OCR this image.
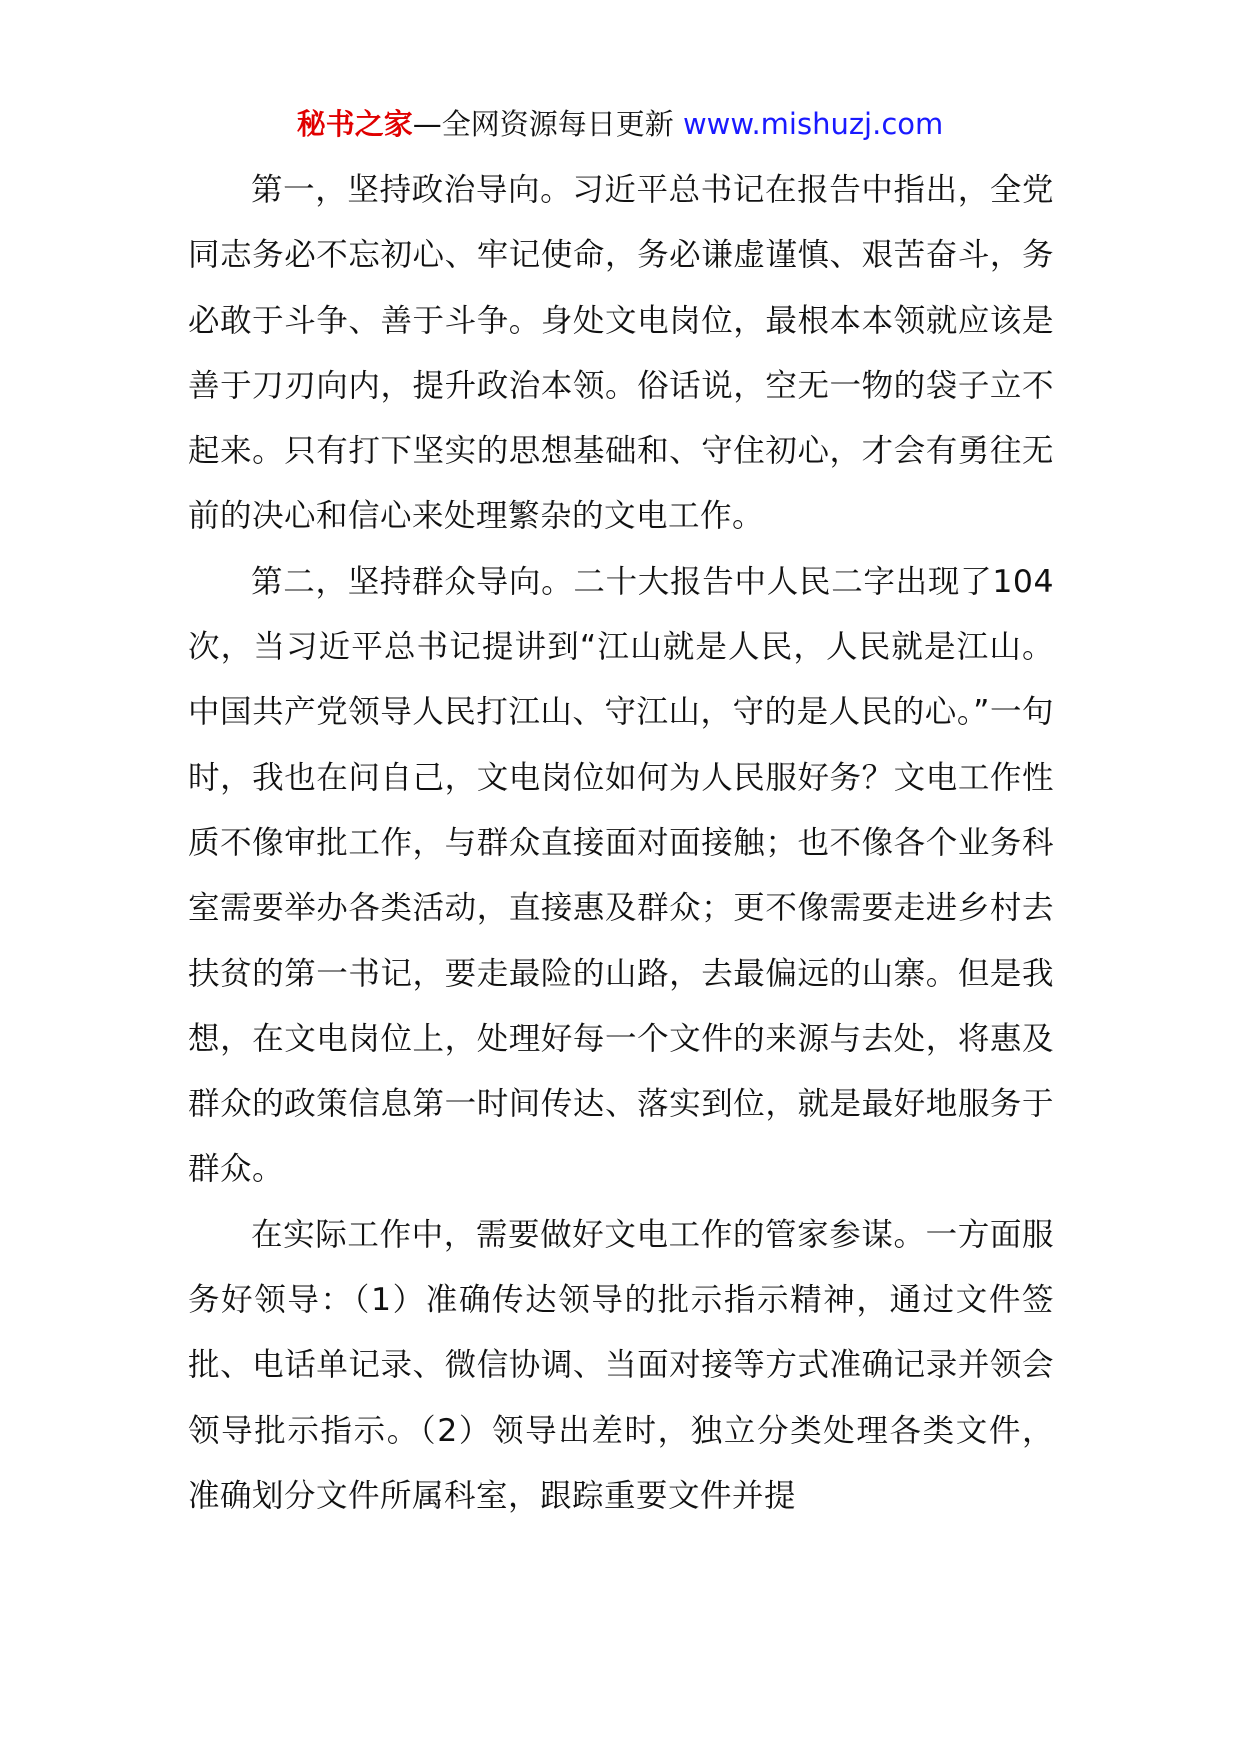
秘书之家—全网资源每日更新 www.mishuzj.com

第一，坚持政治导向。习近平总书记在报告中指出，全党同志务必不忘初心、牢记使命，务必谦虚谨慎、艰苦奋斗，务必敢于斗争、善于斗争。身处文电岗位，最根本本领就应该是善于刀刃向内，提升政治本领。俗话说，空无一物的袋子立不起来。只有打下坚实的思想基础和、守住初心，才会有勇往无前的决心和信心来处理繁杂的文电工作。

第二，坚持群众导向。二十大报告中人民二字出现了104次，当习近平总书记提讲到“江山就是人民，人民就是江山。中国共产党领导人民打江山、守江山，守的是人民的心。”一句时，我也在问自己，文电岗位如何为人民服好务？文电工作性质不像审批工作，与群众直接面对面接触；也不像各个业务科室需要举办各类活动，直接惠及群众；更不像需要走进乡村去扶贫的第一书记，要走最险的山路，去最偏远的山寨。但是我想，在文电岗位上，处理好每一个文件的来源与去处，将惠及群众的政策信息第一时间传达、落实到位，就是最好地服务于群众。

在实际工作中，需要做好文电工作的管家参谋。一方面服务好领导：（1）准确传达领导的批示指示精神，通过文件签批、电话单记录、微信协调、当面对接等方式准确记录并领会领导批示指示。（2）领导出差时，独立分类处理各类文件，准确划分文件所属科室，跟踪重要文件并提
